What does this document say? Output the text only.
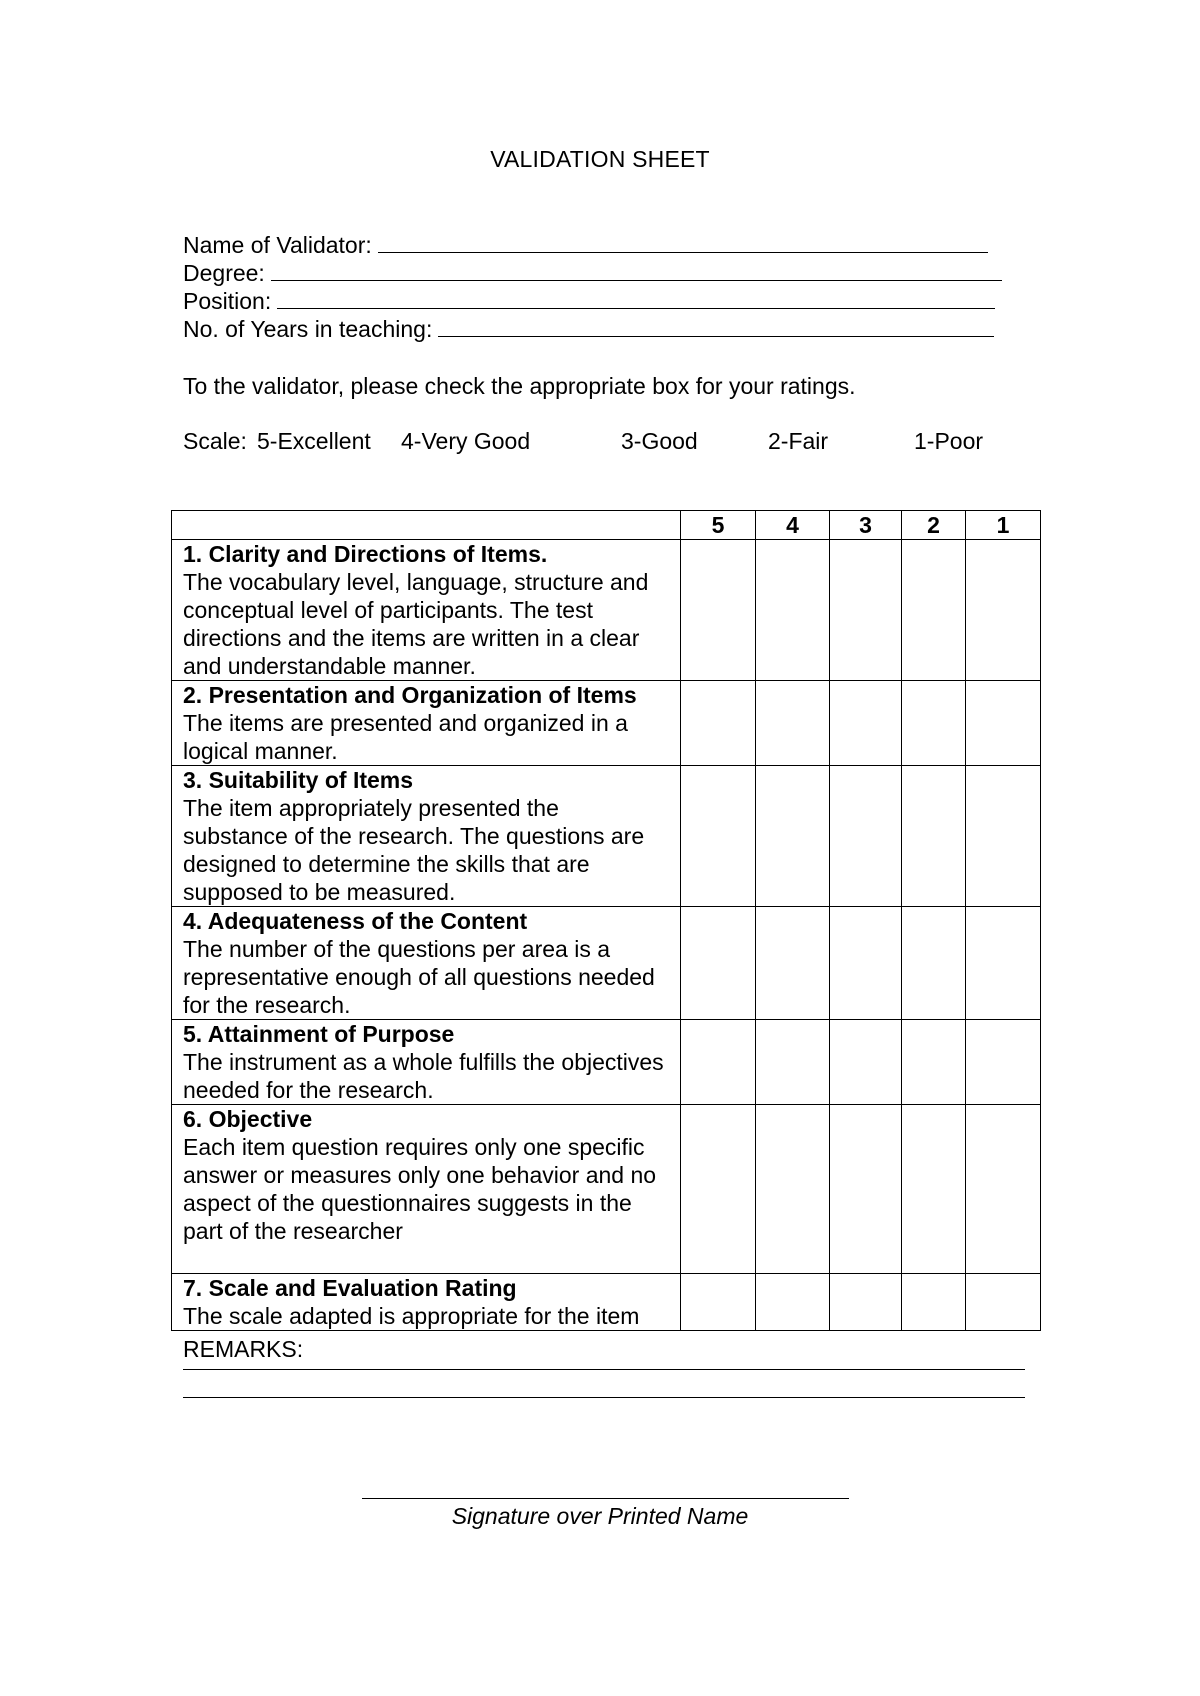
VALIDATION SHEET
Name of Validator:
Degree:
Position:
No. of Years in teaching:
To the validator, please check the appropriate box for your ratings.
Scale: 5-Excellent 4-Very Good	3-Good	2-Fair	1-Poor
	5	4	3	2	1

1. Clarity and Directions of Items.
The vocabulary level, language, structure and conceptual level of participants. The test directions and the items are written in a clear and understandable manner.					

2. Presentation and Organization of Items
The items are presented and organized in a logical manner.					

3. Suitability of Items
The item appropriately presented the substance of the research. The questions are designed to determine the skills that are supposed to be measured.					

4. Adequateness of the Content
The number of the questions per area is a representative enough of all questions needed for the research.					

5. Attainment of Purpose
The instrument as a whole fulfills the objectives needed for the research.					

6. Objective
Each item question requires only one specific answer or measures only one behavior and no aspect of the questionnaires suggests in the part of the researcher					

7. Scale and Evaluation Rating
The scale adapted is appropriate for the item					

REMARKS:
Signature over Printed Name
